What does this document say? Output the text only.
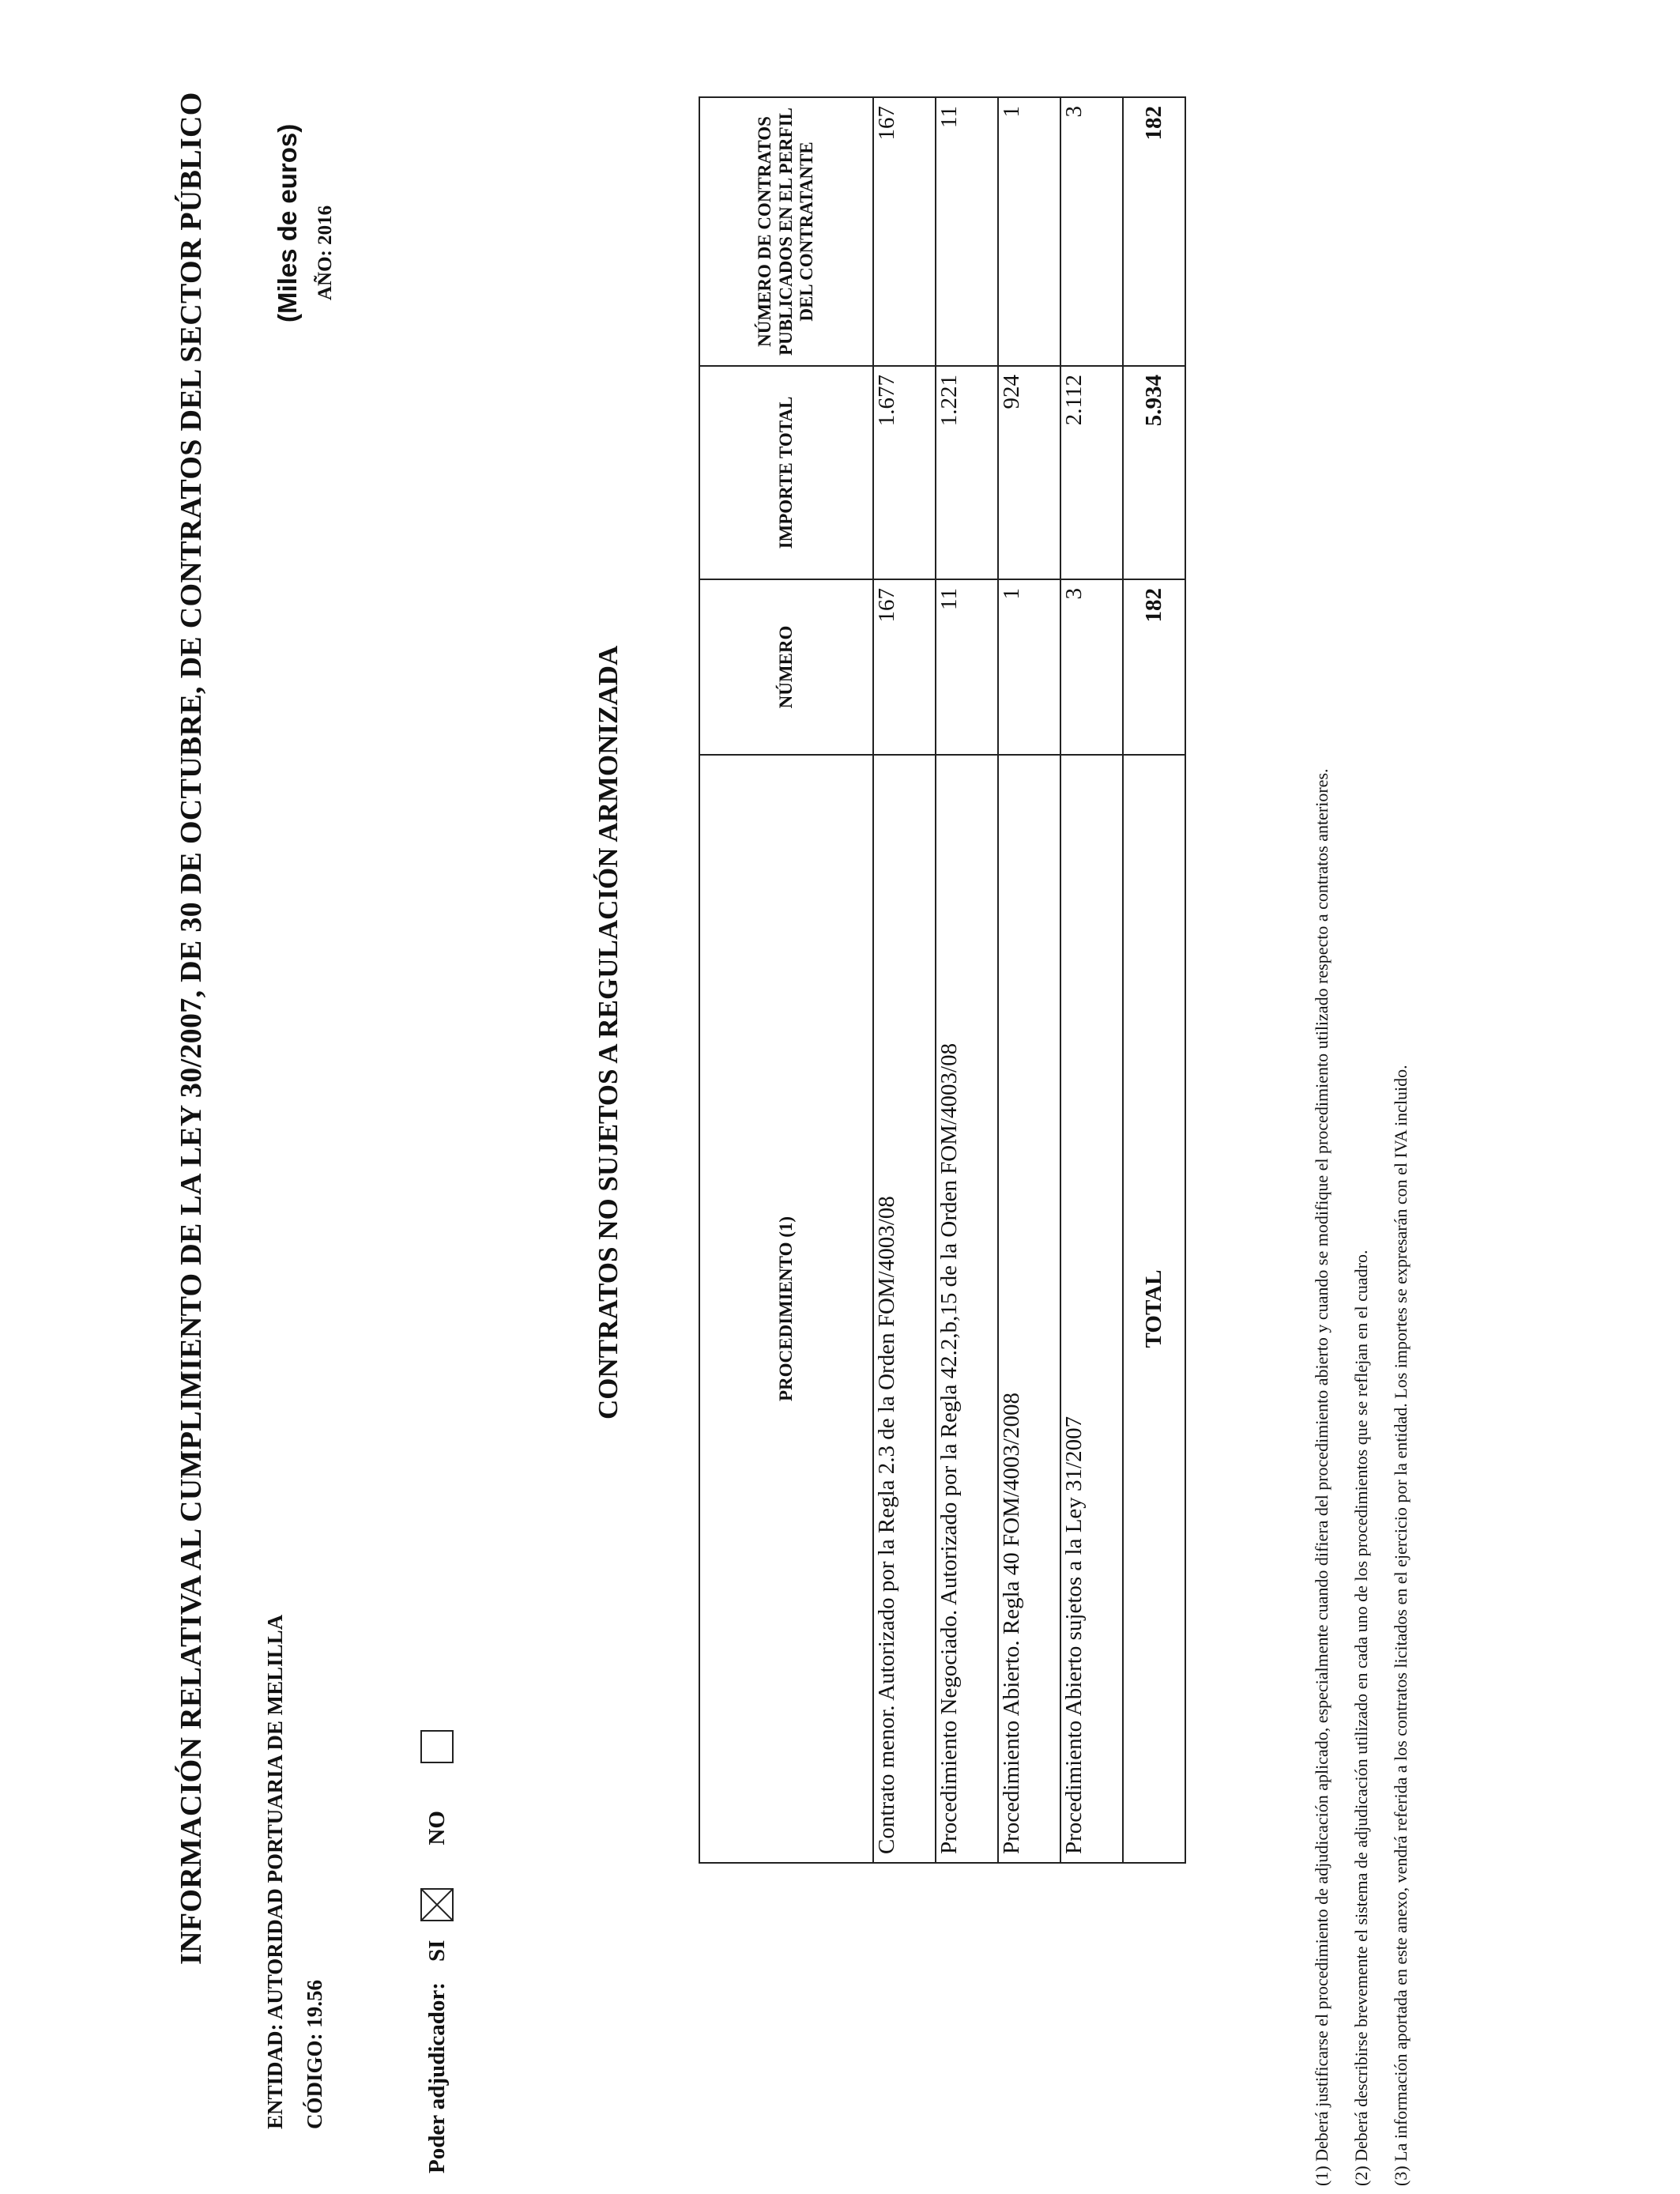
INFORMACIÓN RELATIVA AL CUMPLIMIENTO DE LA LEY 30/2007, DE 30 DE OCTUBRE, DE CONTRATOS DEL SECTOR PÚBLICO	ENTIDAD: AUTORIDAD PORTUARIA DE MELILLA CÓDIGO: 19.56
(Miles de euros) AÑO: 2016
Poder adjudicador:
SI
NO
CONTRATOS NO SUJETOS A REGULACIÓN ARMONIZADA	PROCEDIMIENTO (1)	NÚMERO	IMPORTE TOTAL	NÚMERO DE CONTRATOS PUBLICADOS EN EL PERFIL DEL CONTRATANTE
Contrato menor. Autorizado por la Regla 2.3 de la Orden FOM/4003/08	167	1.677	167
Procedimiento Negociado. Autorizado por la Regla 42.2,b,15 de la Orden FOM/4003/08	11	1.221	11
Procedimiento Abierto. Regla 40 FOM/4003/2008	1	924	1
Procedimiento Abierto sujetos a la Ley 31/2007	3	2.112	3
TOTAL	182	5.934	182
(1) Deberá justificarse el procedimiento de adjudicación aplicado, especialmente cuando difiera del procedimiento abierto y cuando se modifique el procedimiento utilizado respecto a contratos anteriores. (2) Deberá describirse brevemente el sistema de adjudicación utilizado en cada uno de los procedimientos que se reflejan en el cuadro. (3) La información aportada en este anexo, vendrá referida a los contratos licitados en el ejercicio por la entidad. Los importes se expresarán con el IVA incluido.
